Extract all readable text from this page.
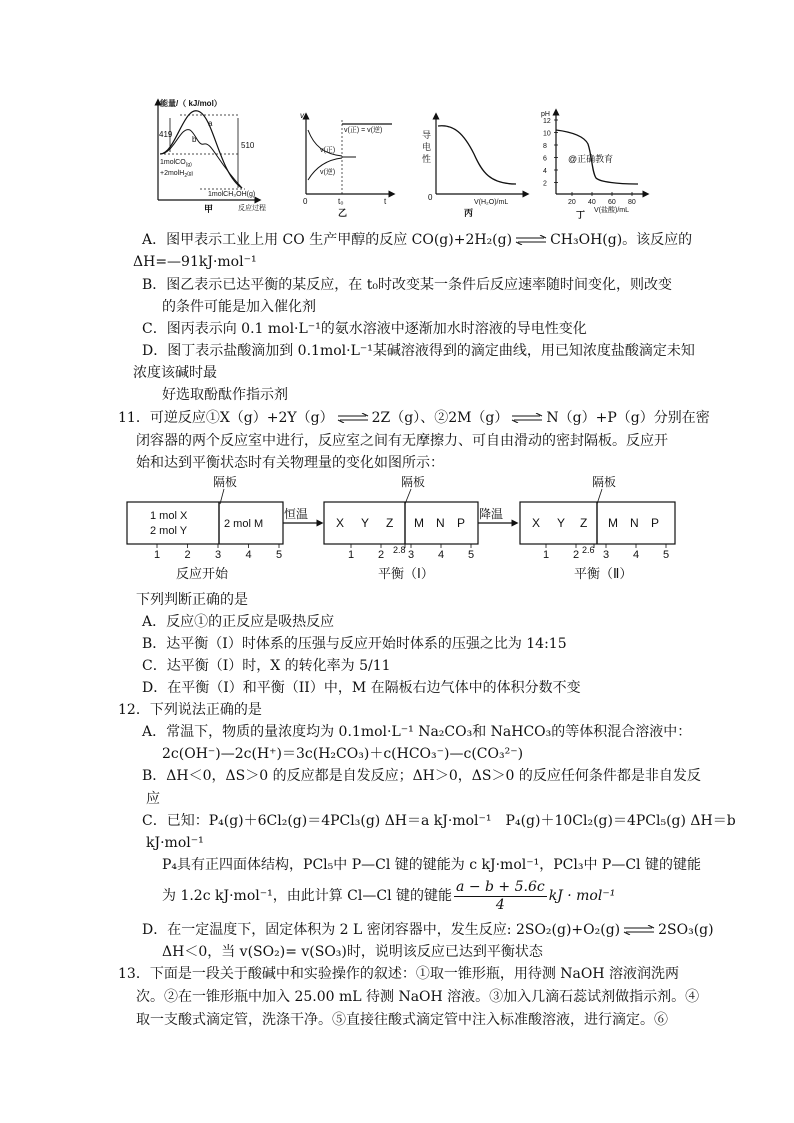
能量/（ kJ/mol）
419
510
a
b
1molCO$_{(g)}$
+2molH$_2^{(g)}$
1molCH₃OH(g)
反应过程
甲
v
v(正) = v(逆)
v(正)
v(逆)
0	t₀	t
乙
导
电
性
0
V(H₂O)/mL
丙
pH
12
10
8
6
4
2
20 40 60 80
@正确教育
V(盐酸)/mL
丁
A．图甲表示工业上用 CO 生产甲醇的反应 CO(g)+2H₂(g) ⇌ CH₃OH(g)。该反应的
ΔH=—91kJ·mol⁻¹
B．图乙表示已达平衡的某反应，在 t₀时改变某一条件后反应速率随时间变化，则改变
的条件可能是加入催化剂
C．图丙表示向 0.1 mol·L⁻¹的氨水溶液中逐渐加水时溶液的导电性变化
D．图丁表示盐酸滴加到 0.1mol·L⁻¹某碱溶液得到的滴定曲线，用已知浓度盐酸滴定未知
浓度该碱时最
好选取酚酞作指示剂
11．可逆反应①X（g）+2Y（g） ⇌ 2Z（g）、②2M（g） ⇌ N（g）+P（g）分别在密
闭容器的两个反应室中进行，反应室之间有无摩擦力、可自由滑动的密封隔板。反应开
始和达到平衡状态时有关物理量的变化如图所示：
隔板
1 mol X
2 mol Y
2 mol M
1 2 3 4 5
反应开始
恒温
隔板
X Y Z M N P
1 2 2.8 3 4 5
平衡（Ⅰ）
降温
隔板
X Y Z M N P
1 2 2.6 3 4 5
平衡（Ⅱ）
下列判断正确的是
A．反应①的正反应是吸热反应
B．达平衡（I）时体系的压强与反应开始时体系的压强之比为 14:15
C．达平衡（I）时，X 的转化率为 5/11
D．在平衡（I）和平衡（II）中，M 在隔板右边气体中的体积分数不变
12．下列说法正确的是
A．常温下，物质的量浓度均为 0.1mol·L⁻¹ Na₂CO₃和 NaHCO₃的等体积混合溶液中：
2c(OH⁻)—2c(H⁺)＝3c(H₂CO₃)＋c(HCO₃⁻)—c(CO₃²⁻)
B．ΔH＜0，ΔS＞0 的反应都是自发反应；ΔH＞0，ΔS＞0 的反应任何条件都是非自发反
应
C．已知：P₄(g)＋6Cl₂(g)＝4PCl₃(g) ΔH＝a kJ·mol⁻¹　P₄(g)＋10Cl₂(g)＝4PCl₅(g) ΔH＝b
kJ·mol⁻¹
P₄具有正四面体结构，PCl₅中 P—Cl 键的键能为 c kJ·mol⁻¹，PCl₃中 P—Cl 键的键能
为 1.2c kJ·mol⁻¹，由此计算 Cl—Cl 键的键能 $\frac{a - b + 5.6c}{4}$ kJ · mol⁻¹
D．在一定温度下，固定体积为 2 L 密闭容器中，发生反应: 2SO₂(g)+O₂(g) ⇌ 2SO₃(g)
ΔH＜0，当 v(SO₂)= v(SO₃)时，说明该反应已达到平衡状态
13．下面是一段关于酸碱中和实验操作的叙述：①取一锥形瓶，用待测 NaOH 溶液润洗两
次。②在一锥形瓶中加入 25.00 mL 待测 NaOH 溶液。③加入几滴石蕊试剂做指示剂。④
取一支酸式滴定管，洗涤干净。⑤直接往酸式滴定管中注入标准酸溶液，进行滴定。⑥
